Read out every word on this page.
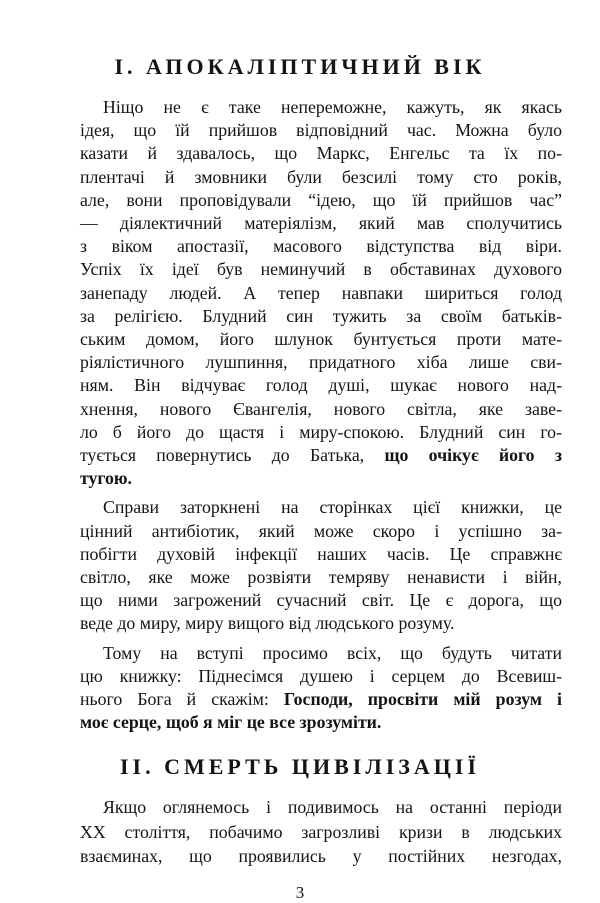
І. АПОКАЛІПТИЧНИЙ ВІК

Ніщо не є таке непереможне, кажуть, як якась

ідея, що їй прийшов відповідний час. Можна було

казати й здавалось, що Маркс, Енгельс та їх по-

плентачі й змовники були безсилі тому сто років,

але, вони проповідували “ідею, що їй прийшов час”

— діялектичний матеріялізм, який мав сполучитись

з віком апостазії, масового відступства від віри.

Успіх їх ідеї був неминучий в обставинах духового

занепаду людей. А тепер навпаки шириться голод

за релігією. Блудний син тужить за своїм батьків-

ським домом, його шлунок бунтується проти мате-

ріялістичного лушпиння, придатного хіба лише сви-

ням. Він відчуває голод душі, шукає нового над-

хнення, нового Євангелія, нового світла, яке заве-

ло б його до щастя і миру-спокою. Блудний син го-

тується повернутись до Батька, що очікує його з

тугою.

Справи заторкнені на сторінках цієї книжки, це

цінний антибіотик, який може скоро і успішно за-

побігти духовій інфекції наших часів. Це справжнє

світло, яке може розвіяти темряву ненависти і війн,

що ними загрожений сучасний світ. Це є дорога, що

веде до миру, миру вищого від людського розуму.

Тому на вступі просимо всіх, що будуть читати

цю книжку: Піднесімся душею і серцем до Всевиш-

нього Бога й скажім: Господи, просвіти мій розум і

моє серце, щоб я міг це все зрозуміти.

II. СМЕРТЬ ЦИВІЛІЗАЦІЇ

Якщо оглянемось і подивимось на останні періоди

XX століття, побачимо загрозливі кризи в людських

взаєминах, що проявились у постійних незгодах,

3
